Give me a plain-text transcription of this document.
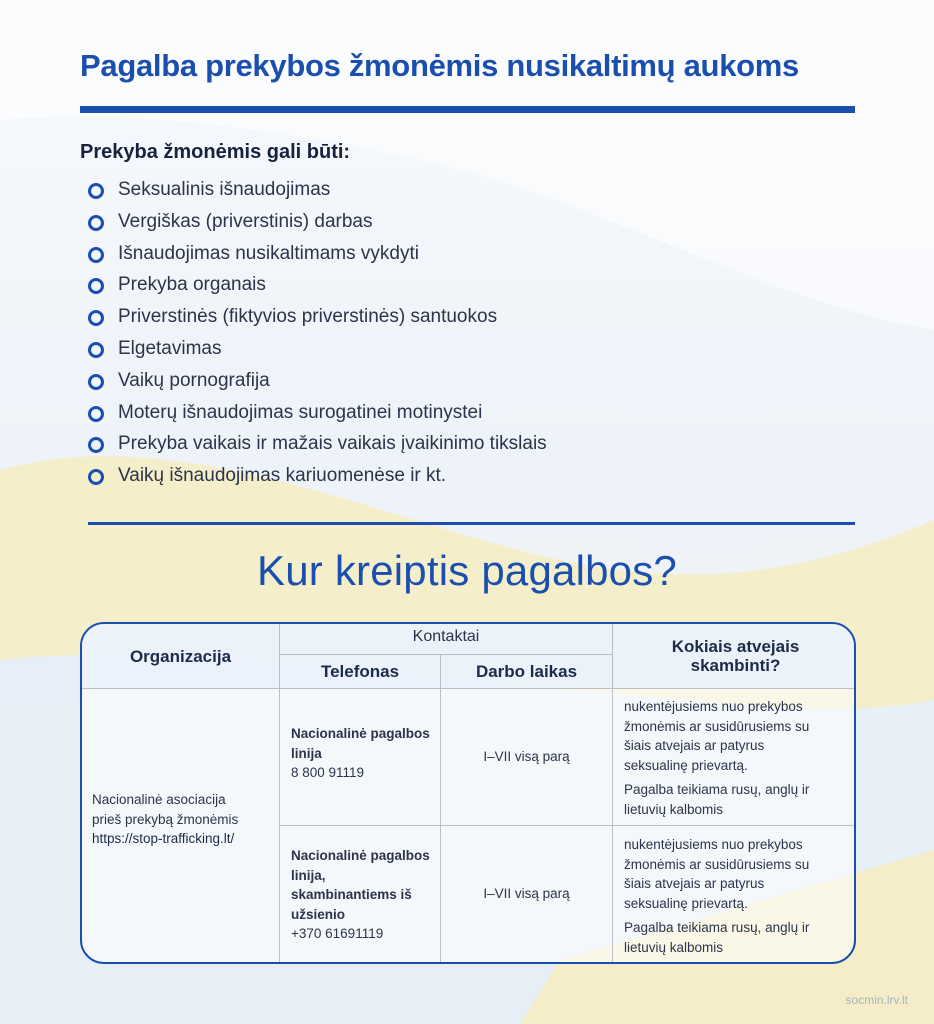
Pagalba prekybos žmonėmis nusikaltimų aukoms
Prekyba žmonėmis gali būti:
Seksualinis išnaudojimas
Vergiškas (priverstinis) darbas
Išnaudojimas nusikaltimams vykdyti
Prekyba organais
Priverstinės (fiktyvios priverstinės) santuokos
Elgetavimas
Vaikų pornografija
Moterų išnaudojimas surogatinei motinystei
Prekyba vaikais ir mažais vaikais įvaikinimo tikslais
Vaikų išnaudojimas kariuomenėse ir kt.
Kur kreiptis pagalbos?
Organizacija
Kontaktai
Telefonas	Darbo laikas
Kokiais atvejais skambinti?
Nacionalinė asociacija
prieš prekybą žmonėmis
https://stop-trafficking.lt/
Nacionalinė pagalbos linija
8 800 91119
I–VII visą parą
nukentėjusiems nuo prekybos žmonėmis ar susidūrusiems su šiais atvejais ar patyrus seksualinę prievartą.
Pagalba teikiama rusų, anglų ir lietuvių kalbomis
Nacionalinė pagalbos linija, skambinantiems iš užsienio
+370 61691119
I–VII visą parą
nukentėjusiems nuo prekybos žmonėmis ar susidūrusiems su šiais atvejais ar patyrus seksualinę prievartą.
Pagalba teikiama rusų, anglų ir lietuvių kalbomis
socmin.lrv.lt
